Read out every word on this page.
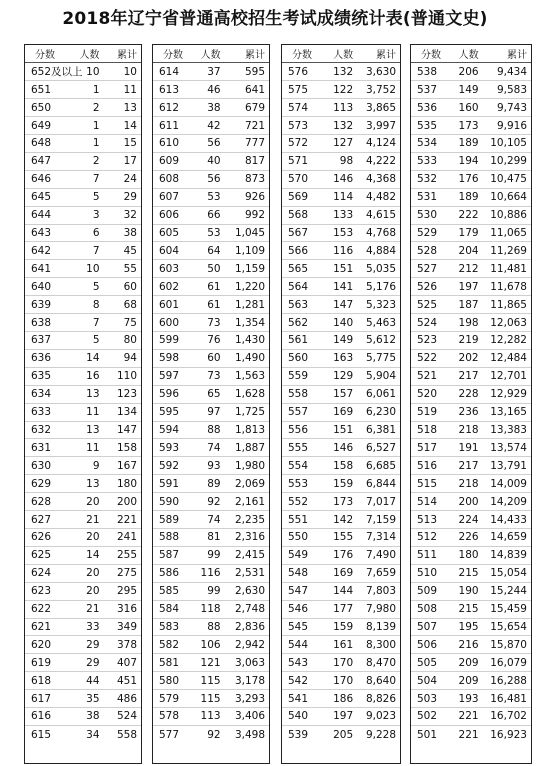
2018年辽宁省普通高校招生考试成绩统计表(普通文史)
分数	人数	累计
652及以上	10	10
651	1	11
650	2	13
649	1	14
648	1	15
647	2	17
646	7	24
645	5	29
644	3	32
643	6	38
642	7	45
641	10	55
640	5	60
639	8	68
638	7	75
637	5	80
636	14	94
635	16	110
634	13	123
633	11	134
632	13	147
631	11	158
630	9	167
629	13	180
628	20	200
627	21	221
626	20	241
625	14	255
624	20	275
623	20	295
622	21	316
621	33	349
620	29	378
619	29	407
618	44	451
617	35	486
616	38	524
615	34	558
分数	人数	累计
614	37	595
613	46	641
612	38	679
611	42	721
610	56	777
609	40	817
608	56	873
607	53	926
606	66	992
605	53	1,045
604	64	1,109
603	50	1,159
602	61	1,220
601	61	1,281
600	73	1,354
599	76	1,430
598	60	1,490
597	73	1,563
596	65	1,628
595	97	1,725
594	88	1,813
593	74	1,887
592	93	1,980
591	89	2,069
590	92	2,161
589	74	2,235
588	81	2,316
587	99	2,415
586	116	2,531
585	99	2,630
584	118	2,748
583	88	2,836
582	106	2,942
581	121	3,063
580	115	3,178
579	115	3,293
578	113	3,406
577	92	3,498
分数	人数	累计
576	132	3,630
575	122	3,752
574	113	3,865
573	132	3,997
572	127	4,124
571	98	4,222
570	146	4,368
569	114	4,482
568	133	4,615
567	153	4,768
566	116	4,884
565	151	5,035
564	141	5,176
563	147	5,323
562	140	5,463
561	149	5,612
560	163	5,775
559	129	5,904
558	157	6,061
557	169	6,230
556	151	6,381
555	146	6,527
554	158	6,685
553	159	6,844
552	173	7,017
551	142	7,159
550	155	7,314
549	176	7,490
548	169	7,659
547	144	7,803
546	177	7,980
545	159	8,139
544	161	8,300
543	170	8,470
542	170	8,640
541	186	8,826
540	197	9,023
539	205	9,228
分数	人数	累计
538	206	9,434
537	149	9,583
536	160	9,743
535	173	9,916
534	189	10,105
533	194	10,299
532	176	10,475
531	189	10,664
530	222	10,886
529	179	11,065
528	204	11,269
527	212	11,481
526	197	11,678
525	187	11,865
524	198	12,063
523	219	12,282
522	202	12,484
521	217	12,701
520	228	12,929
519	236	13,165
518	218	13,383
517	191	13,574
516	217	13,791
515	218	14,009
514	200	14,209
513	224	14,433
512	226	14,659
511	180	14,839
510	215	15,054
509	190	15,244
508	215	15,459
507	195	15,654
506	216	15,870
505	209	16,079
504	209	16,288
503	193	16,481
502	221	16,702
501	221	16,923
